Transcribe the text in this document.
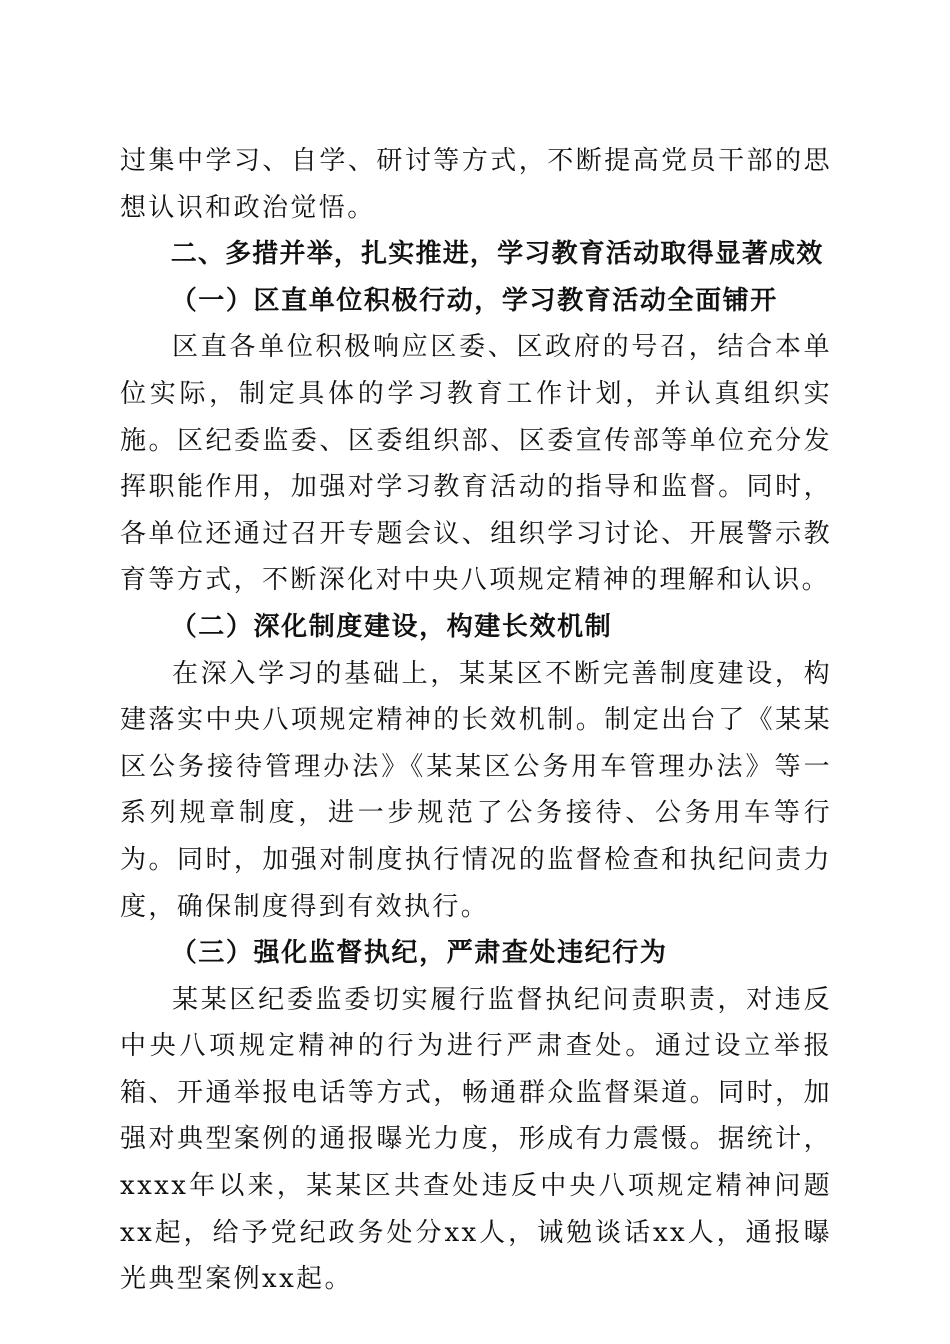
过集中学习、自学、研讨等方式，不断提高党员干部的思想认识和政治觉悟。

二、多措并举，扎实推进，学习教育活动取得显著成效

（一）区直单位积极行动，学习教育活动全面铺开

区直各单位积极响应区委、区政府的号召，结合本单位实际，制定具体的学习教育工作计划，并认真组织实施。区纪委监委、区委组织部、区委宣传部等单位充分发挥职能作用，加强对学习教育活动的指导和监督。同时，各单位还通过召开专题会议、组织学习讨论、开展警示教育等方式，不断深化对中央八项规定精神的理解和认识。

（二）深化制度建设，构建长效机制

在深入学习的基础上，某某区不断完善制度建设，构建落实中央八项规定精神的长效机制。制定出台了《某某区公务接待管理办法》《某某区公务用车管理办法》等一系列规章制度，进一步规范了公务接待、公务用车等行为。同时，加强对制度执行情况的监督检查和执纪问责力度，确保制度得到有效执行。

（三）强化监督执纪，严肃查处违纪行为

某某区纪委监委切实履行监督执纪问责职责，对违反中央八项规定精神的行为进行严肃查处。通过设立举报箱、开通举报电话等方式，畅通群众监督渠道。同时，加强对典型案例的通报曝光力度，形成有力震慑。据统计，xxxx年以来，某某区共查处违反中央八项规定精神问题xx起，给予党纪政务处分xx人，诫勉谈话xx人，通报曝光典型案例xx起。
